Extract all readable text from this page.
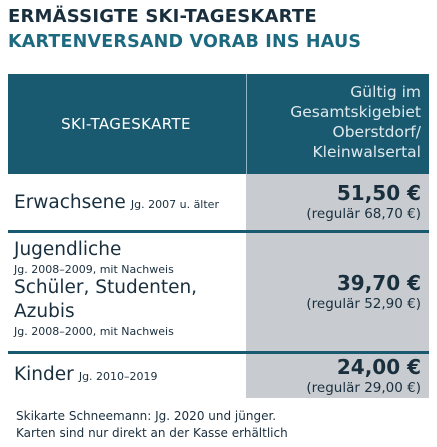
ERMÄSSIGTE SKI-TAGESKARTE
KARTENVERSAND VORAB INS HAUS
SKI-TAGESKARTE
Gültig im
Gesamtskigebiet
Oberstdorf/
Kleinwalsertal
Erwachsene Jg. 2007 u. älter	51,50 €
(regulär 68,70 €)
Jugendliche
Jg. 2008–2009, mit Nachweis
Schüler, Studenten,
Azubis
Jg. 2008–2000, mit Nachweis
39,70 €
(regulär 52,90 €)
Kinder Jg. 2010–2019	24,00 €
(regulär 29,00 €)
Skikarte Schneemann: Jg. 2020 und jünger.
Karten sind nur direkt an der Kasse erhältlich
